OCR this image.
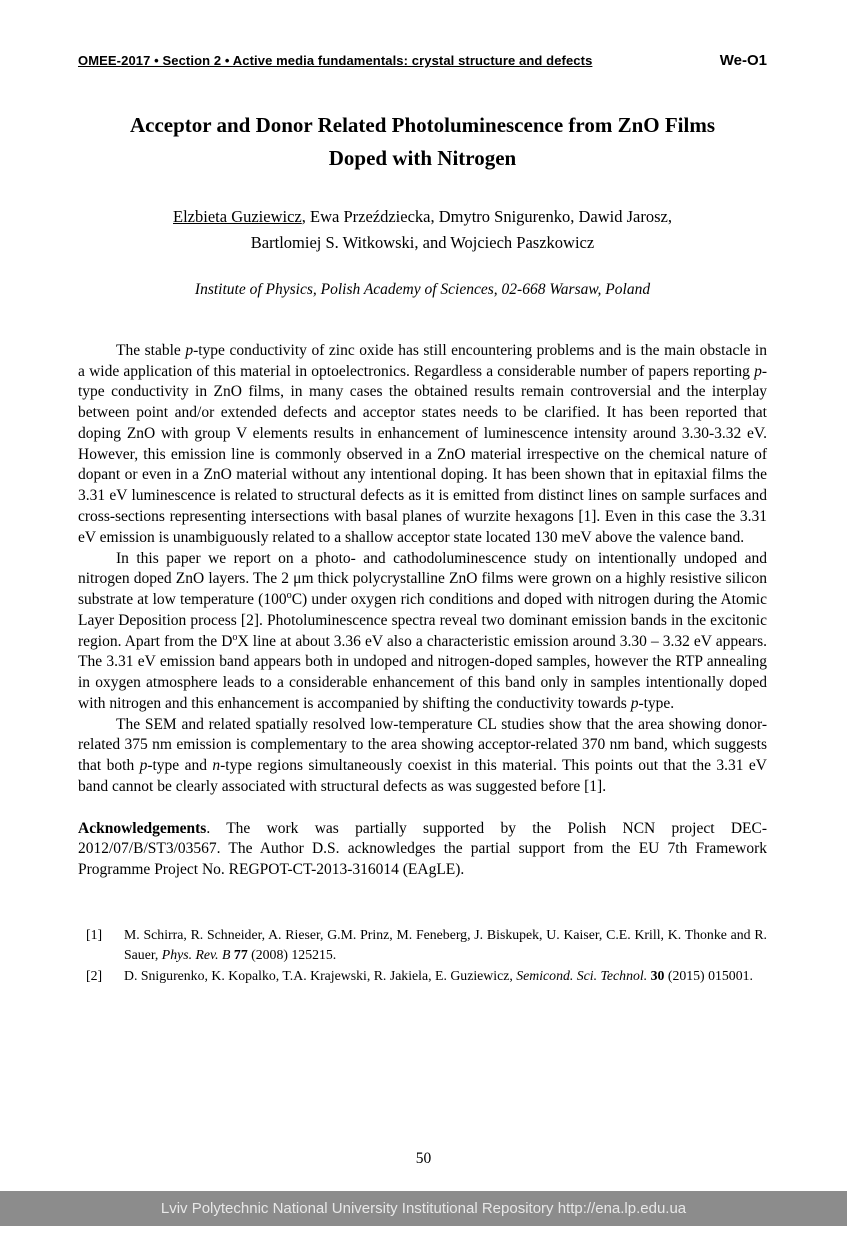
OMEE-2017 • Section 2 • Active media fundamentals: crystal structure and defects	We-O1
Acceptor and Donor Related Photoluminescence from ZnO Films Doped with Nitrogen
Elzbieta Guziewicz, Ewa Przeździecka, Dmytro Snigurenko, Dawid Jarosz, Bartlomiej S. Witkowski, and Wojciech Paszkowicz
Institute of Physics, Polish Academy of Sciences, 02-668 Warsaw, Poland

The stable p-type conductivity of zinc oxide has still encountering problems and is the main obstacle in a wide application of this material in optoelectronics. Regardless a considerable number of papers reporting p-type conductivity in ZnO films, in many cases the obtained results remain controversial and the interplay between point and/or extended defects and acceptor states needs to be clarified. It has been reported that doping ZnO with group V elements results in enhancement of luminescence intensity around 3.30-3.32 eV. However, this emission line is commonly observed in a ZnO material irrespective on the chemical nature of dopant or even in a ZnO material without any intentional doping. It has been shown that in epitaxial films the 3.31 eV luminescence is related to structural defects as it is emitted from distinct lines on sample surfaces and cross-sections representing intersections with basal planes of wurzite hexagons [1]. Even in this case the 3.31 eV emission is unambiguously related to a shallow acceptor state located 130 meV above the valence band.

In this paper we report on a photo- and cathodoluminescence study on intentionally undoped and nitrogen doped ZnO layers. The 2 μm thick polycrystalline ZnO films were grown on a highly resistive silicon substrate at low temperature (100$^o$C) under oxygen rich conditions and doped with nitrogen during the Atomic Layer Deposition process [2]. Photoluminescence spectra reveal two dominant emission bands in the excitonic region. Apart from the $D^oX$ line at about 3.36 eV also a characteristic emission around 3.30 – 3.32 eV appears. The 3.31 eV emission band appears both in undoped and nitrogen-doped samples, however the RTP annealing in oxygen atmosphere leads to a considerable enhancement of this band only in samples intentionally doped with nitrogen and this enhancement is accompanied by shifting the conductivity towards p-type.

The SEM and related spatially resolved low-temperature CL studies show that the area showing donor-related 375 nm emission is complementary to the area showing acceptor-related 370 nm band, which suggests that both p-type and n-type regions simultaneously coexist in this material. This points out that the 3.31 eV band cannot be clearly associated with structural defects as was suggested before [1].

Acknowledgements. The work was partially supported by the Polish NCN project DEC-2012/07/B/ST3/03567. The Author D.S. acknowledges the partial support from the EU 7th Framework Programme Project No. REGPOT-CT-2013-316014 (EAgLE).
[1]	M. Schirra, R. Schneider, A. Rieser, G.M. Prinz, M. Feneberg, J. Biskupek, U. Kaiser, C.E. Krill, K. Thonke and R. Sauer, Phys. Rev. B 77 (2008) 125215.
[2]	D. Snigurenko, K. Kopalko, T.A. Krajewski, R. Jakiela, E. Guziewicz, Semicond. Sci. Technol. 30 (2015) 015001.
50
Lviv Polytechnic National University Institutional Repository http://ena.lp.edu.ua
